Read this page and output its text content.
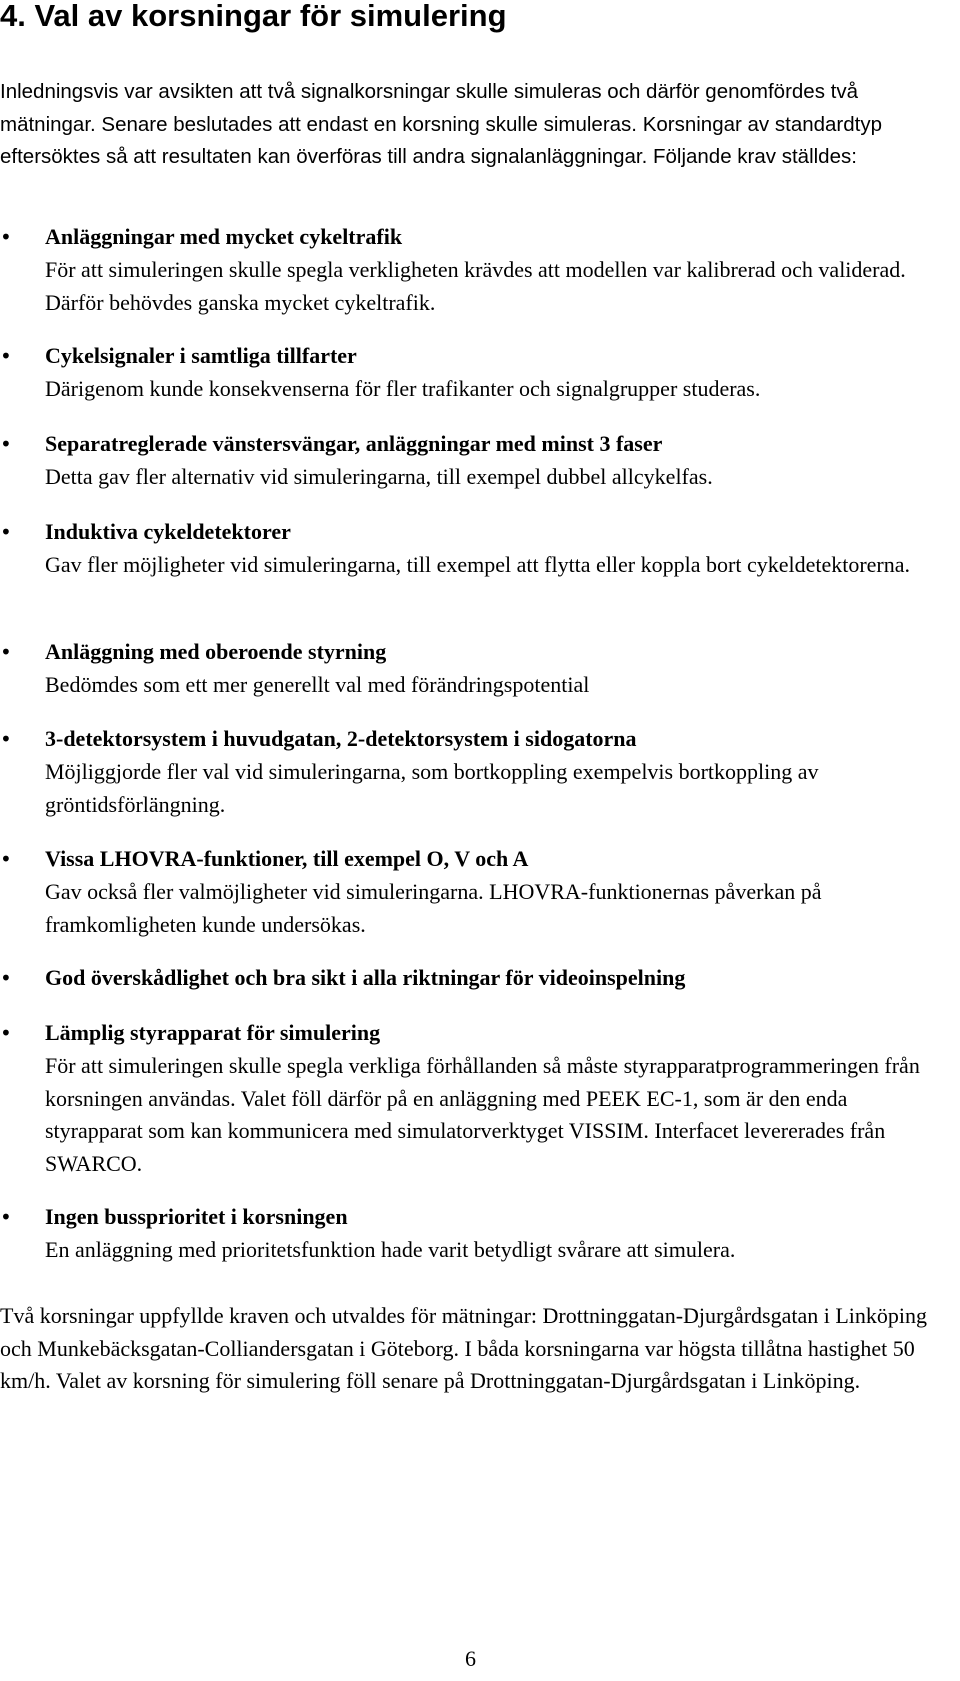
4. Val av korsningar för simulering

Inledningsvis var avsikten att två signalkorsningar skulle simuleras och därför genomfördes två mätningar. Senare beslutades att endast en korsning skulle simuleras. Korsningar av standardtyp eftersöktes så att resultaten kan överföras till andra signalanläggningar. Följande krav ställdes:

• Anläggningar med mycket cykeltrafik

För att simuleringen skulle spegla verkligheten krävdes att modellen var kalibrerad och validerad. Därför behövdes ganska mycket cykeltrafik.

• Cykelsignaler i samtliga tillfarter

Därigenom kunde konsekvenserna för fler trafikanter och signalgrupper studeras.

• Separatreglerade vänstersvängar, anläggningar med minst 3 faser

Detta gav fler alternativ vid simuleringarna, till exempel dubbel allcykelfas.

• Induktiva cykeldetektorer

Gav fler möjligheter vid simuleringarna, till exempel att flytta eller koppla bort cykeldetektorerna.

• Anläggning med oberoende styrning

Bedömdes som ett mer generellt val med förändringspotential

• 3-detektorsystem i huvudgatan, 2-detektorsystem i sidogatorna

Möjliggjorde fler val vid simuleringarna, som bortkoppling exempelvis bortkoppling av gröntidsförlängning.

• Vissa LHOVRA-funktioner, till exempel O, V och A

Gav också fler valmöjligheter vid simuleringarna. LHOVRA-funktionernas påverkan på framkomligheten kunde undersökas.

• God överskådlighet och bra sikt i alla riktningar för videoinspelning
• Lämplig styrapparat för simulering

För att simuleringen skulle spegla verkliga förhållanden så måste styrapparatprogrammeringen från korsningen användas. Valet föll därför på en anläggning med PEEK EC-1, som är den enda styrapparat som kan kommunicera med simulatorverktyget VISSIM. Interfacet levererades från SWARCO.

• Ingen bussprioritet i korsningen

En anläggning med prioritetsfunktion hade varit betydligt svårare att simulera.

Två korsningar uppfyllde kraven och utvaldes för mätningar: Drottninggatan-Djurgårdsgatan i Linköping och Munkebäcksgatan-Colliandersgatan i Göteborg. I båda korsningarna var högsta tillåtna hastighet 50 km/h. Valet av korsning för simulering föll senare på Drottninggatan-Djurgårdsgatan i Linköping.

6
